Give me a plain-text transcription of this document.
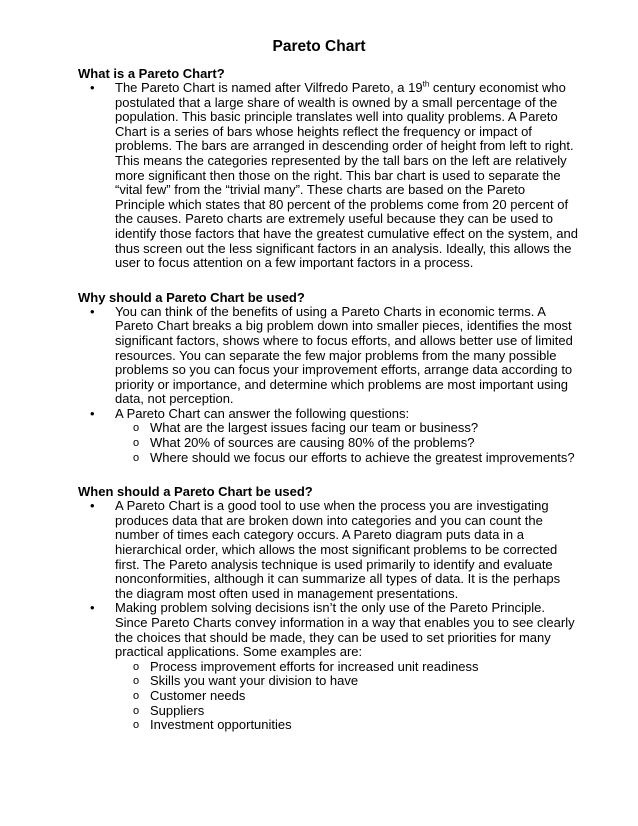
Pareto Chart
What is a Pareto Chart?
• The Pareto Chart is named after Vilfredo Pareto, a 19th century economist who postulated that a large share of wealth is owned by a small percentage of the population. This basic principle translates well into quality problems. A Pareto Chart is a series of bars whose heights reflect the frequency or impact of problems. The bars are arranged in descending order of height from left to right. This means the categories represented by the tall bars on the left are relatively more significant then those on the right. This bar chart is used to separate the “vital few” from the “trivial many”. These charts are based on the Pareto Principle which states that 80 percent of the problems come from 20 percent of the causes. Pareto charts are extremely useful because they can be used to identify those factors that have the greatest cumulative effect on the system, and thus screen out the less significant factors in an analysis. Ideally, this allows the user to focus attention on a few important factors in a process.
Why should a Pareto Chart be used?
• You can think of the benefits of using a Pareto Charts in economic terms. A Pareto Chart breaks a big problem down into smaller pieces, identifies the most significant factors, shows where to focus efforts, and allows better use of limited resources. You can separate the few major problems from the many possible problems so you can focus your improvement efforts, arrange data according to priority or importance, and determine which problems are most important using data, not perception.
• A Pareto Chart can answer the following questions:
o What are the largest issues facing our team or business?
o What 20% of sources are causing 80% of the problems?
o Where should we focus our efforts to achieve the greatest improvements?
When should a Pareto Chart be used?
• A Pareto Chart is a good tool to use when the process you are investigating produces data that are broken down into categories and you can count the number of times each category occurs. A Pareto diagram puts data in a hierarchical order, which allows the most significant problems to be corrected first. The Pareto analysis technique is used primarily to identify and evaluate nonconformities, although it can summarize all types of data. It is the perhaps the diagram most often used in management presentations.
• Making problem solving decisions isn’t the only use of the Pareto Principle. Since Pareto Charts convey information in a way that enables you to see clearly the choices that should be made, they can be used to set priorities for many practical applications. Some examples are:
o Process improvement efforts for increased unit readiness
o Skills you want your division to have
o Customer needs
o Suppliers
o Investment opportunities
